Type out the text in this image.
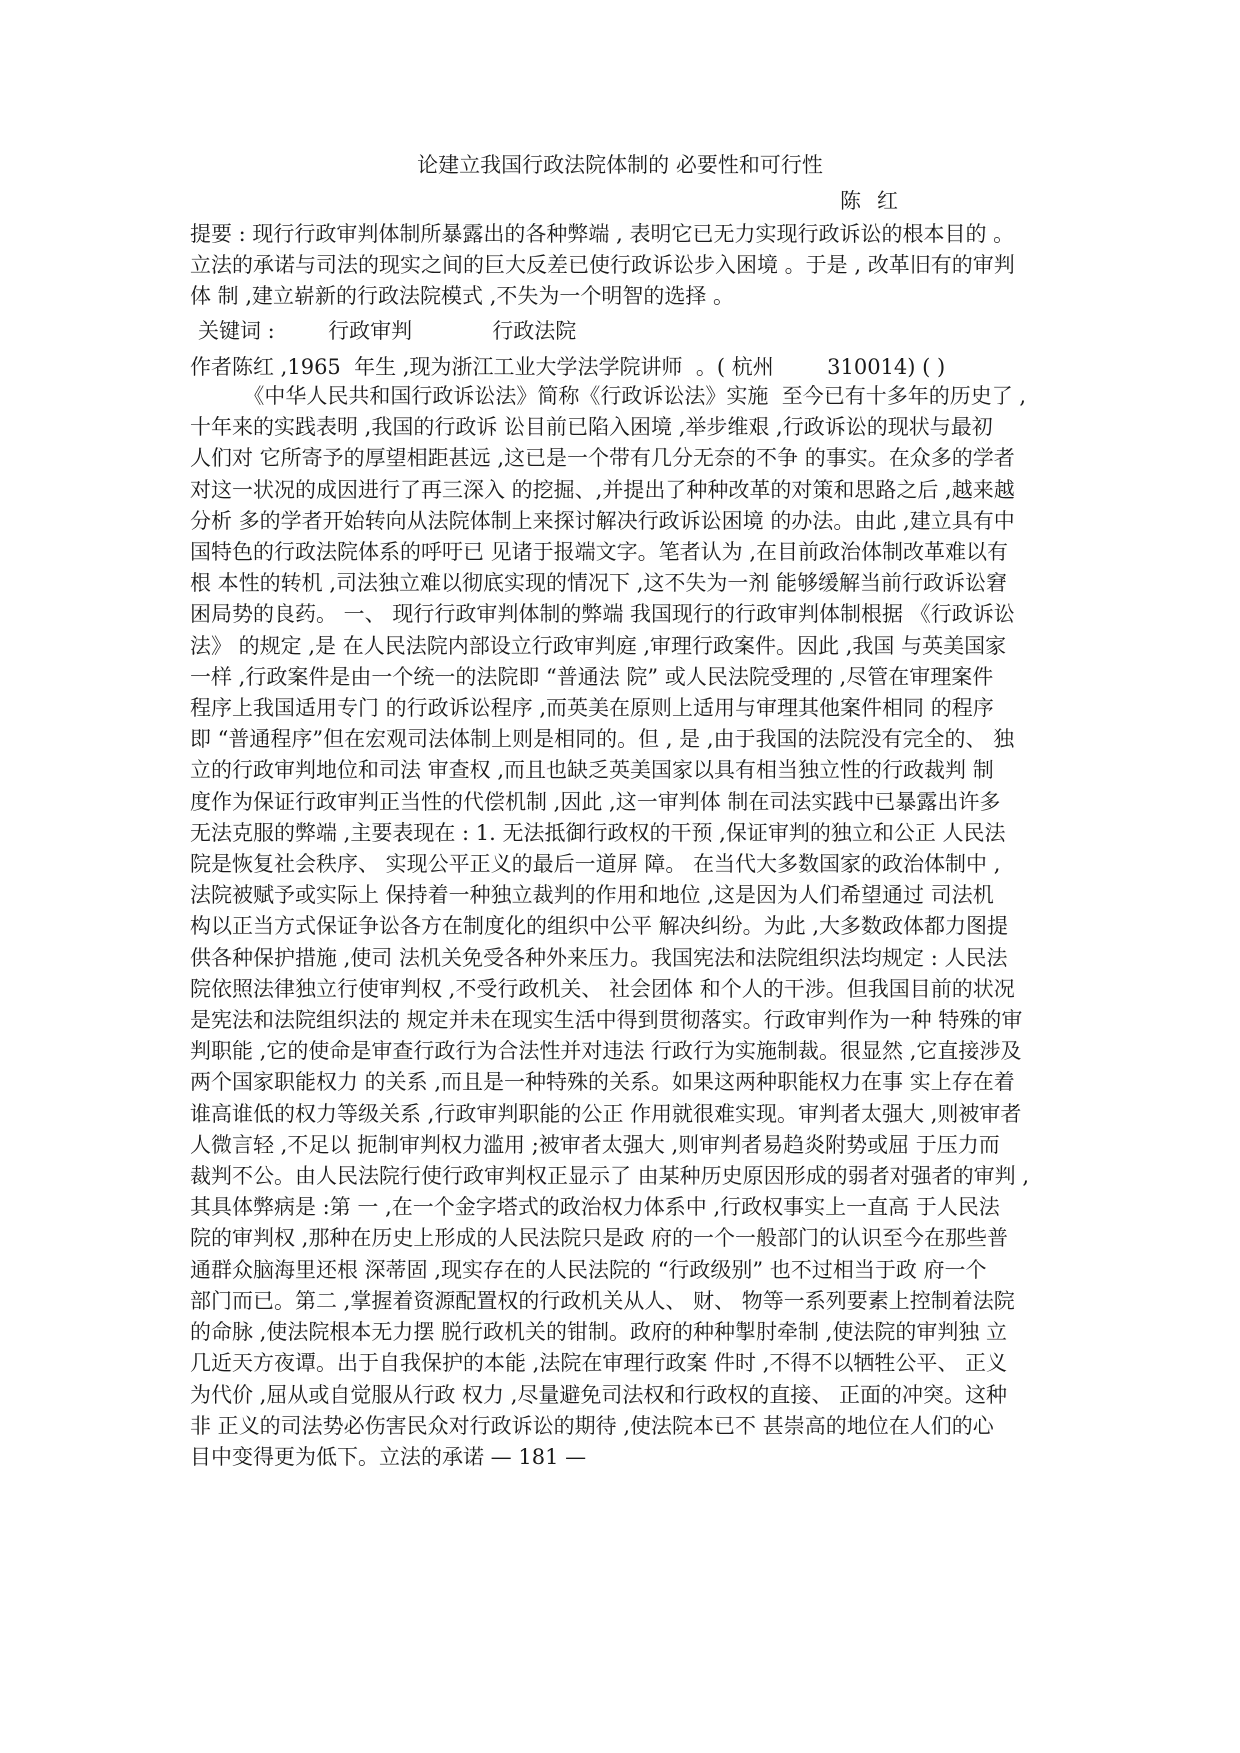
论建立我国行政法院体制的 必要性和可行性
陈红
提要 : 现行行政审判体制所暴露出的各种弊端 , 表明它已无力实现行政诉讼的根本目的 。
立法的承诺与司法的现实之间的巨大反差已使行政诉讼步入困境 。于是 , 改革旧有的审判
体 制 ,建立崭新的行政法院模式 ,不失为一个明智的选择 。
关键词 :        行政审判            行政法院
作者陈红 ,1965  年生 ,现为浙江工业大学法学院讲师  。( 杭州        310014) ( )
《中华人民共和国行政诉讼法》简称《行政诉讼法》实施  至今已有十多年的历史了 ,
十年来的实践表明 ,我国的行政诉 讼目前已陷入困境 ,举步维艰 ,行政诉讼的现状与最初
人们对 它所寄予的厚望相距甚远 ,这已是一个带有几分无奈的不争 的事实。在众多的学者
对这一状况的成因进行了再三深入 的挖掘、,并提出了种种改革的对策和思路之后 ,越来越
分析 多的学者开始转向从法院体制上来探讨解决行政诉讼困境 的办法。由此 ,建立具有中
国特色的行政法院体系的呼吁已 见诸于报端文字。笔者认为 ,在目前政治体制改革难以有
根 本性的转机 ,司法独立难以彻底实现的情况下 ,这不失为一剂 能够缓解当前行政诉讼窘
困局势的良药。 一、 现行行政审判体制的弊端 我国现行的行政审判体制根据 《行政诉讼
法》 的规定 ,是 在人民法院内部设立行政审判庭 ,审理行政案件。因此 ,我国 与英美国家
一样 ,行政案件是由一个统一的法院即 “普通法 院” 或人民法院受理的 ,尽管在审理案件
程序上我国适用专门 的行政诉讼程序 ,而英美在原则上适用与审理其他案件相同 的程序
即 “普通程序”但在宏观司法体制上则是相同的。但 , 是 ,由于我国的法院没有完全的、 独
立的行政审判地位和司法 审查权 ,而且也缺乏英美国家以具有相当独立性的行政裁判 制
度作为保证行政审判正当性的代偿机制 ,因此 ,这一审判体 制在司法实践中已暴露出许多
无法克服的弊端 ,主要表现在 : 1. 无法抵御行政权的干预 ,保证审判的独立和公正 人民法
院是恢复社会秩序、 实现公平正义的最后一道屏 障。 在当代大多数国家的政治体制中 ,
法院被赋予或实际上 保持着一种独立裁判的作用和地位 ,这是因为人们希望通过 司法机
构以正当方式保证争讼各方在制度化的组织中公平 解决纠纷。为此 ,大多数政体都力图提
供各种保护措施 ,使司 法机关免受各种外来压力。我国宪法和法院组织法均规定 : 人民法
院依照法律独立行使审判权 ,不受行政机关、 社会团体 和个人的干涉。但我国目前的状况
是宪法和法院组织法的 规定并未在现实生活中得到贯彻落实。行政审判作为一种 特殊的审
判职能 ,它的使命是审查行政行为合法性并对违法 行政行为实施制裁。很显然 ,它直接涉及
两个国家职能权力 的关系 ,而且是一种特殊的关系。如果这两种职能权力在事 实上存在着
谁高谁低的权力等级关系 ,行政审判职能的公正 作用就很难实现。审判者太强大 ,则被审者
人微言轻 ,不足以 扼制审判权力滥用 ;被审者太强大 ,则审判者易趋炎附势或屈 于压力而
裁判不公。由人民法院行使行政审判权正显示了 由某种历史原因形成的弱者对强者的审判 ,
其具体弊病是 :第 一 ,在一个金字塔式的政治权力体系中 ,行政权事实上一直高 于人民法
院的审判权 ,那种在历史上形成的人民法院只是政 府的一个一般部门的认识至今在那些普
通群众脑海里还根 深蒂固 ,现实存在的人民法院的 “行政级别” 也不过相当于政 府一个
部门而已。第二 ,掌握着资源配置权的行政机关从人、 财、 物等一系列要素上控制着法院
的命脉 ,使法院根本无力摆 脱行政机关的钳制。政府的种种掣肘牵制 ,使法院的审判独 立
几近天方夜谭。出于自我保护的本能 ,法院在审理行政案 件时 ,不得不以牺牲公平、 正义
为代价 ,屈从或自觉服从行政 权力 ,尽量避免司法权和行政权的直接、 正面的冲突。这种
非 正义的司法势必伤害民众对行政诉讼的期待 ,使法院本已不 甚崇高的地位在人们的心
目中变得更为低下。立法的承诺 — 181 —
